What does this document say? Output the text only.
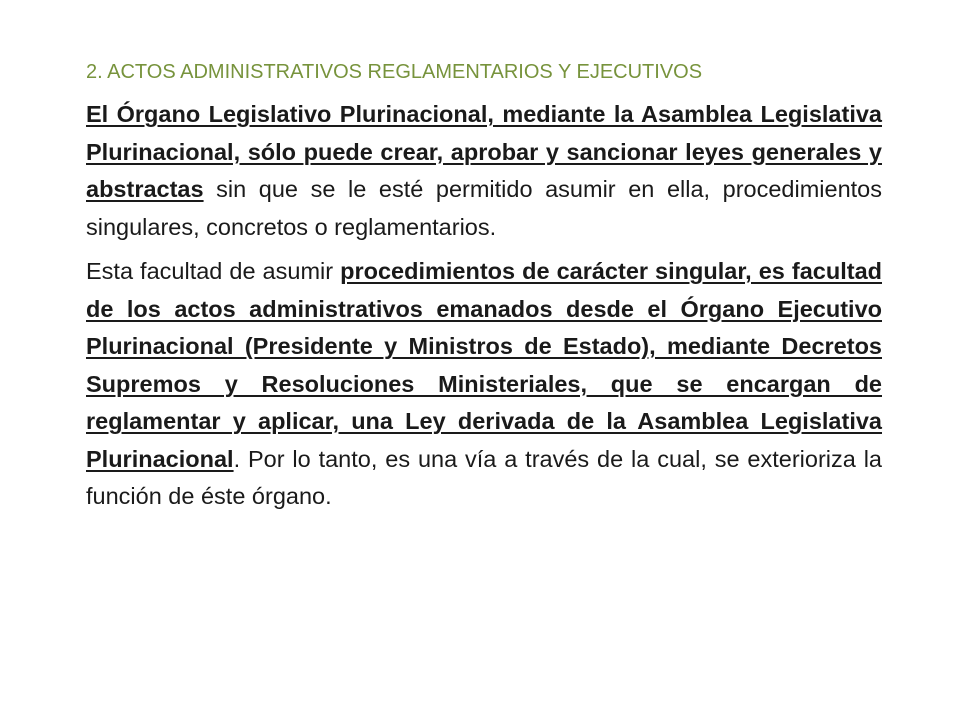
2. ACTOS ADMINISTRATIVOS REGLAMENTARIOS Y EJECUTIVOS

El Órgano Legislativo Plurinacional, mediante la Asamblea Legislativa Plurinacional, sólo puede crear, aprobar y sancionar leyes generales y abstractas sin que se le esté permitido asumir en ella, procedimientos singulares, concretos o reglamentarios.

Esta facultad de asumir procedimientos de carácter singular, es facultad de los actos administrativos emanados desde el Órgano Ejecutivo Plurinacional (Presidente y Ministros de Estado), mediante Decretos Supremos y Resoluciones Ministeriales, que se encargan de reglamentar y aplicar, una Ley derivada de la Asamblea Legislativa Plurinacional. Por lo tanto, es una vía a través de la cual, se exterioriza la función de éste órgano.
